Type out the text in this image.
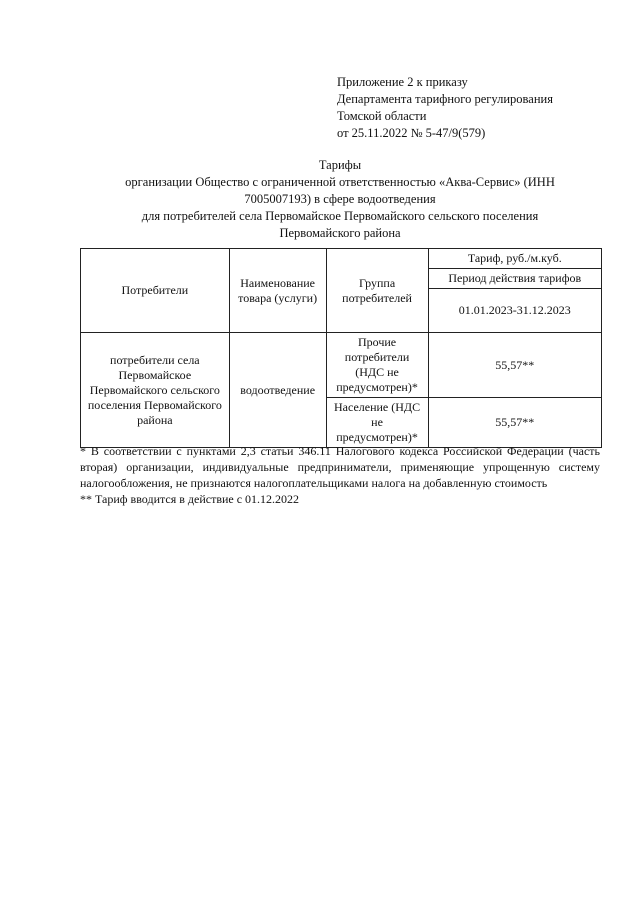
Приложение 2 к приказу
Департамента тарифного регулирования
Томской области
от 25.11.2022 № 5-47/9(579)
Тарифы
организации Общество с ограниченной ответственностью «Аква-Сервис» (ИНН
7005007193) в сфере водоотведения
для потребителей села Первомайское Первомайского сельского поселения
Первомайского района
Потребители	Наименование товара (услуги)	Группа потребителей	Тариф, руб./м.куб.
			Период действия тарифов
			01.01.2023-31.12.2023
потребители села Первомайское Первомайского сельского поселения Первомайского района	водоотведение	Прочие потребители (НДС не предусмотрен)*	55,57**
		Население (НДС не предусмотрен)*	55,57**

* В соответствии с пунктами 2,3 статьи 346.11 Налогового кодекса Российской Федерации (часть вторая) организации, индивидуальные предприниматели, применяющие упрощенную систему налогообложения, не признаются налогоплательщиками налога на добавленную стоимость

** Тариф вводится в действие с 01.12.2022
